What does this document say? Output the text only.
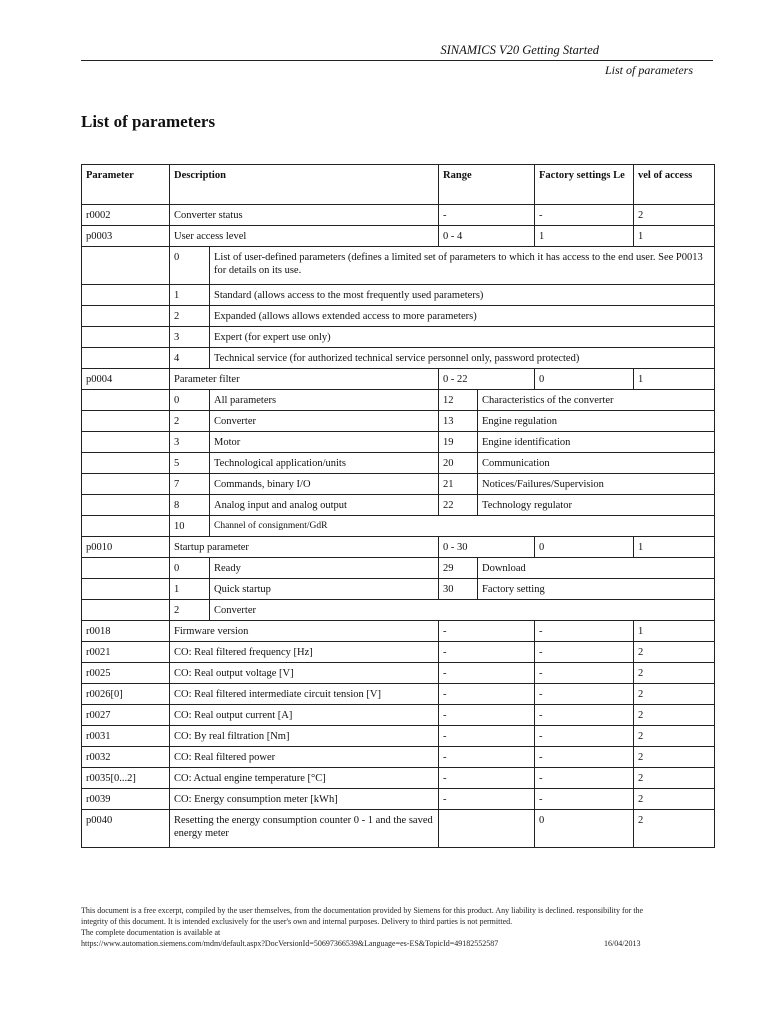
SINAMICS V20 Getting Started
List of parameters
List of parameters
Parameter	Description		Range		Factory settings Le	vel of access
r0002	Converter status		-		-	2
p0003	User access level		0 - 4		1	1
	0	List of user-defined parameters (defines a limited set of parameters to which it has access to the end user. See P0013 for details on its use.				
	1	Standard (allows access to the most frequently used parameters)				
	2	Expanded (allows allows extended access to more parameters)				
	3	Expert (for expert use only)				
	4	Technical service (for authorized technical service personnel only, password protected)				
p0004	Parameter filter		0 - 22		0	1
	0	All parameters	12	Characteristics of the converter		
	2	Converter	13	Engine regulation		
	3	Motor	19	Engine identification		
	5	Technological application/units	20	Communication		
	7	Commands, binary I/O	21	Notices/Failures/Supervision		
	8	Analog input and analog output	22	Technology regulator		
	10	Channel of consignment/GdR				
p0010	Startup parameter		0 - 30		0	1
	0	Ready	29	Download		
	1	Quick startup	30	Factory setting		
	2	Converter				
r0018	Firmware version		-		-	1
r0021	CO: Real filtered frequency [Hz]		-		-	2
r0025	CO: Real output voltage [V]		-		-	2
r0026[0]	CO: Real filtered intermediate circuit tension [V]		-		-	2
r0027	CO: Real output current [A]		-		-	2
r0031	CO: By real filtration [Nm]		-		-	2
r0032	CO: Real filtered power		-		-	2
r0035[0...2]	CO: Actual engine temperature [°C]		-		-	2
r0039	CO: Energy consumption meter [kWh]		-		-	2
p0040	Resetting the energy consumption counter 0 - 1 and the saved energy meter				0	2
This document is a free excerpt, compiled by the user themselves, from the documentation provided by Siemens for this product. Any liability is declined. responsibility for the integrity of this document. It is intended exclusively for the user's own and internal purposes. Delivery to third parties is not permitted.
The complete documentation is available at
https://www.automation.siemens.com/mdm/default.aspx?DocVersionId=50697366539&Language=es-ES&TopicId=49182552587	16/04/2013
